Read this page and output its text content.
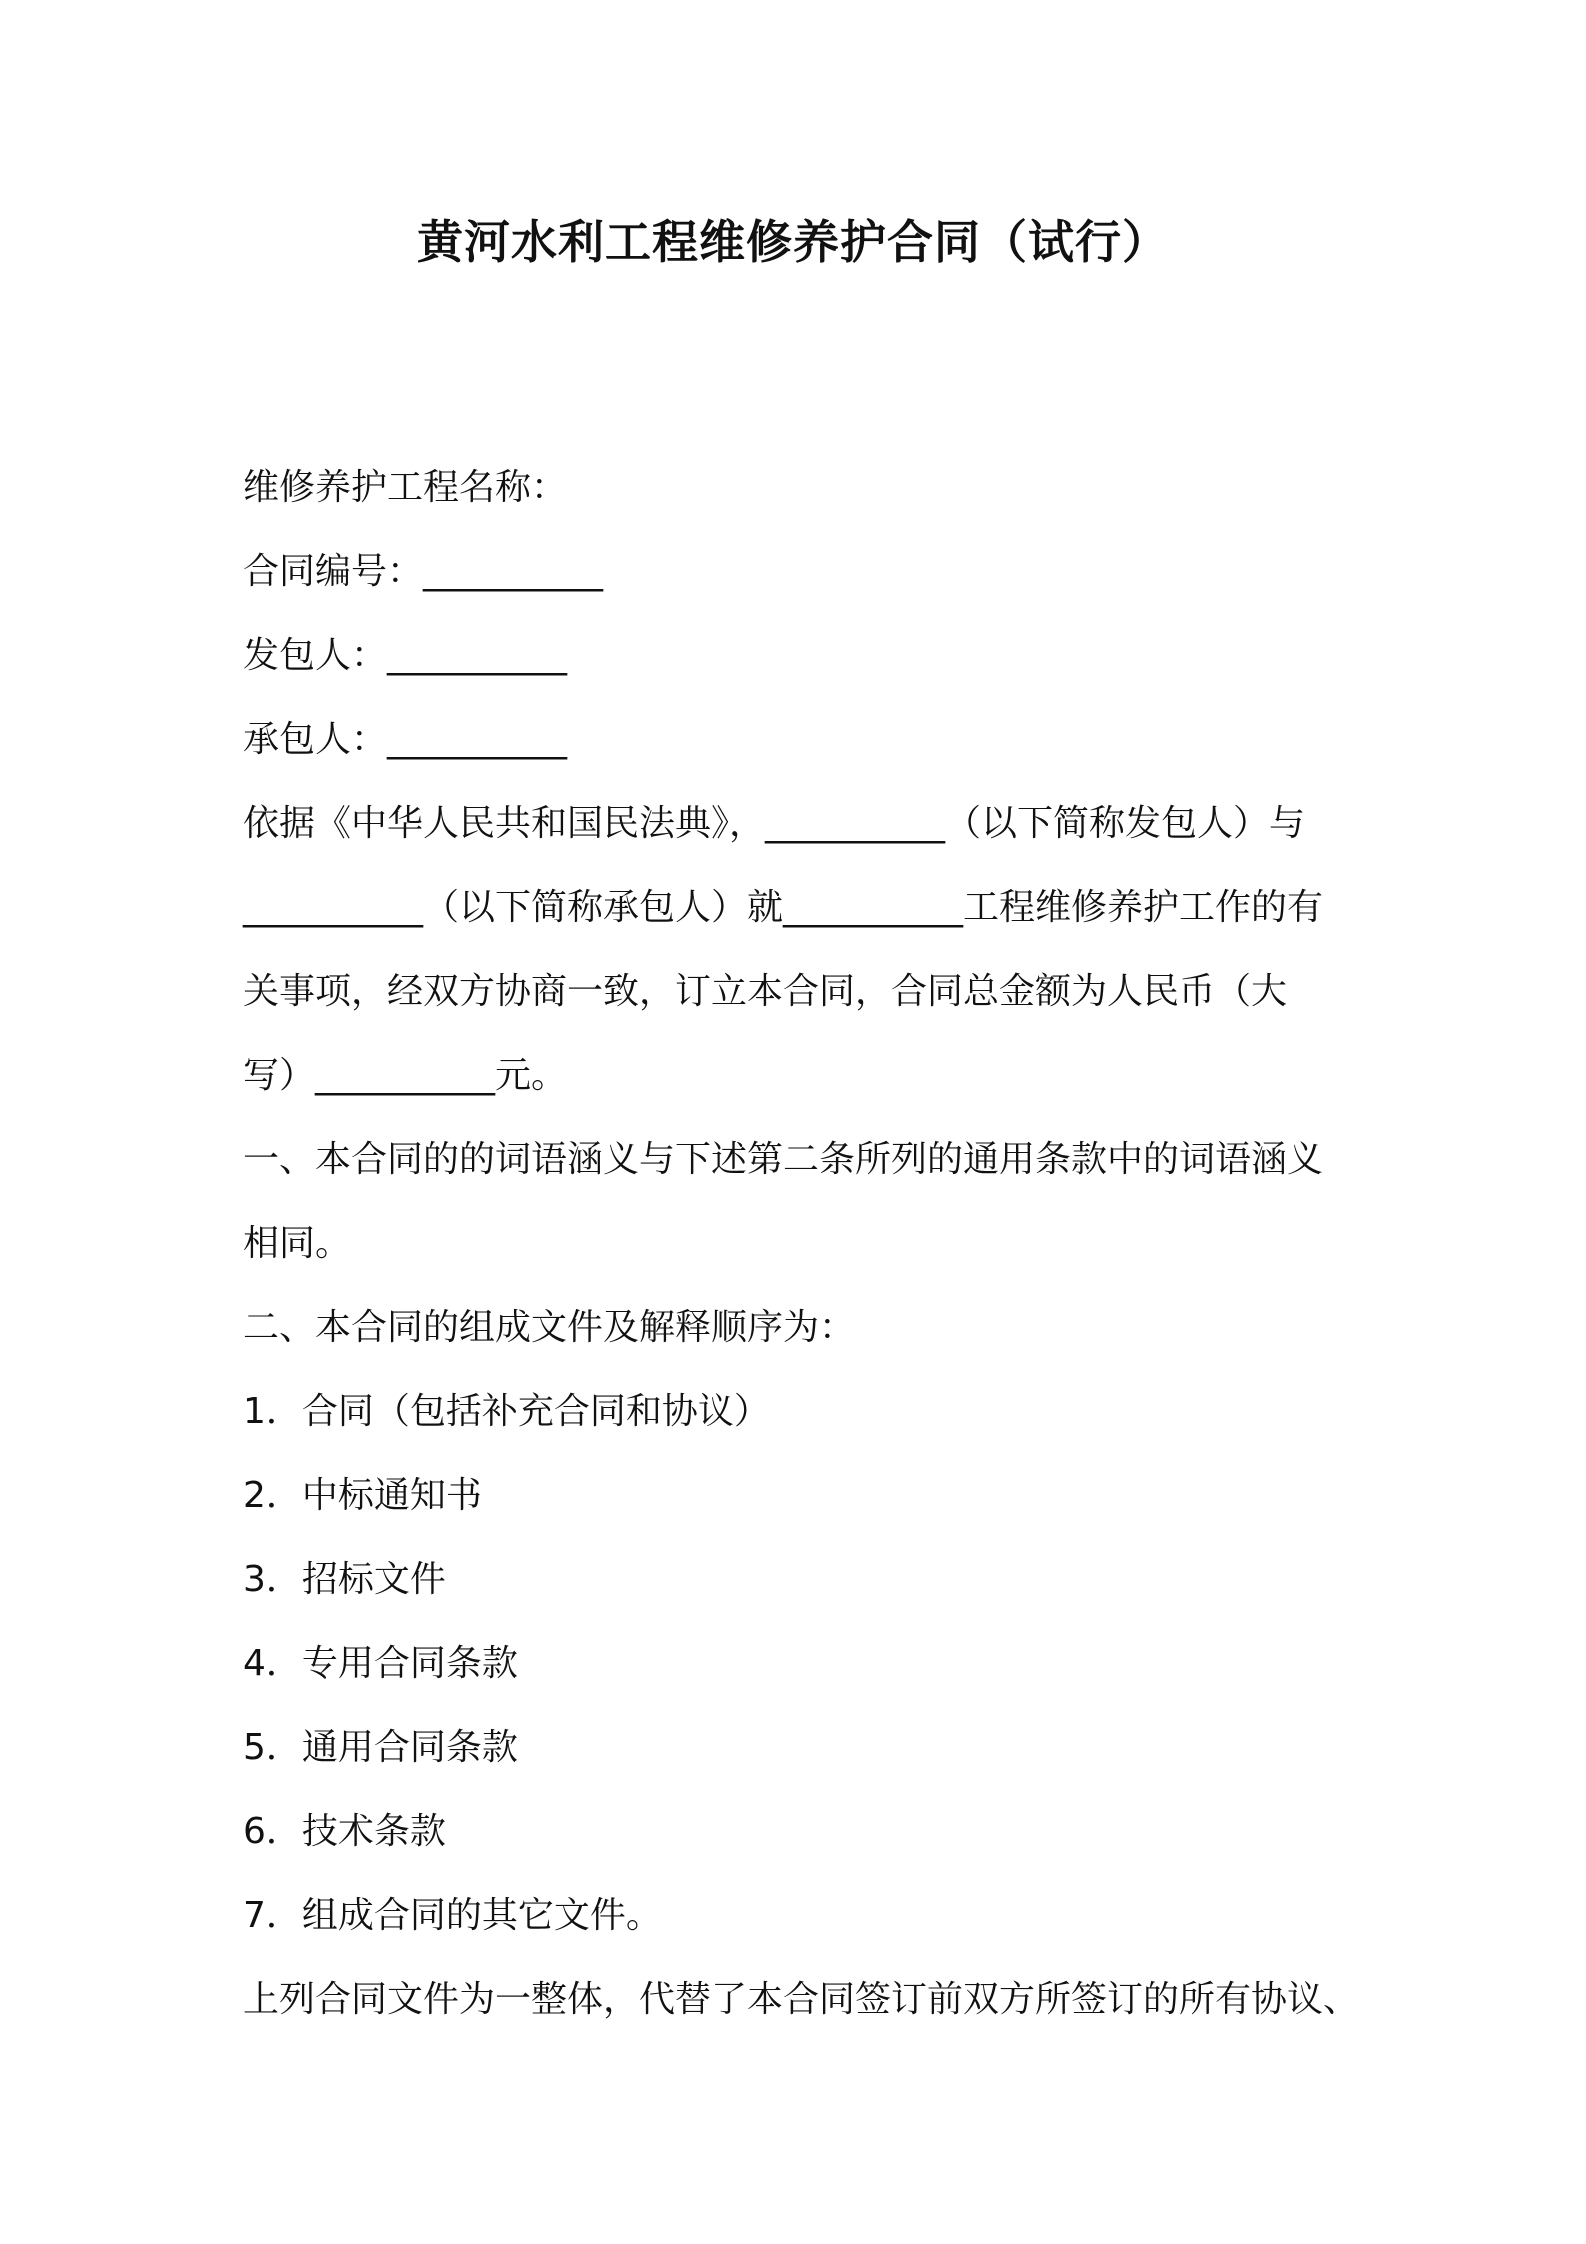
黄河水利工程维修养护合同（试行）

维修养护工程名称：

合同编号：__________

发包人：__________

承包人：__________

依据《中华人民共和国民法典》，__________（以下简称发包人）与

__________（以下简称承包人）就__________工程维修养护工作的有

关事项，经双方协商一致，订立本合同，合同总金额为人民币（大

写）__________元。

一、本合同的的词语涵义与下述第二条所列的通用条款中的词语涵义

相同。

二、本合同的组成文件及解释顺序为：

1．合同（包括补充合同和协议）

2．中标通知书

3．招标文件

4．专用合同条款

5．通用合同条款

6．技术条款

7．组成合同的其它文件。

上列合同文件为一整体，代替了本合同签订前双方所签订的所有协议、
